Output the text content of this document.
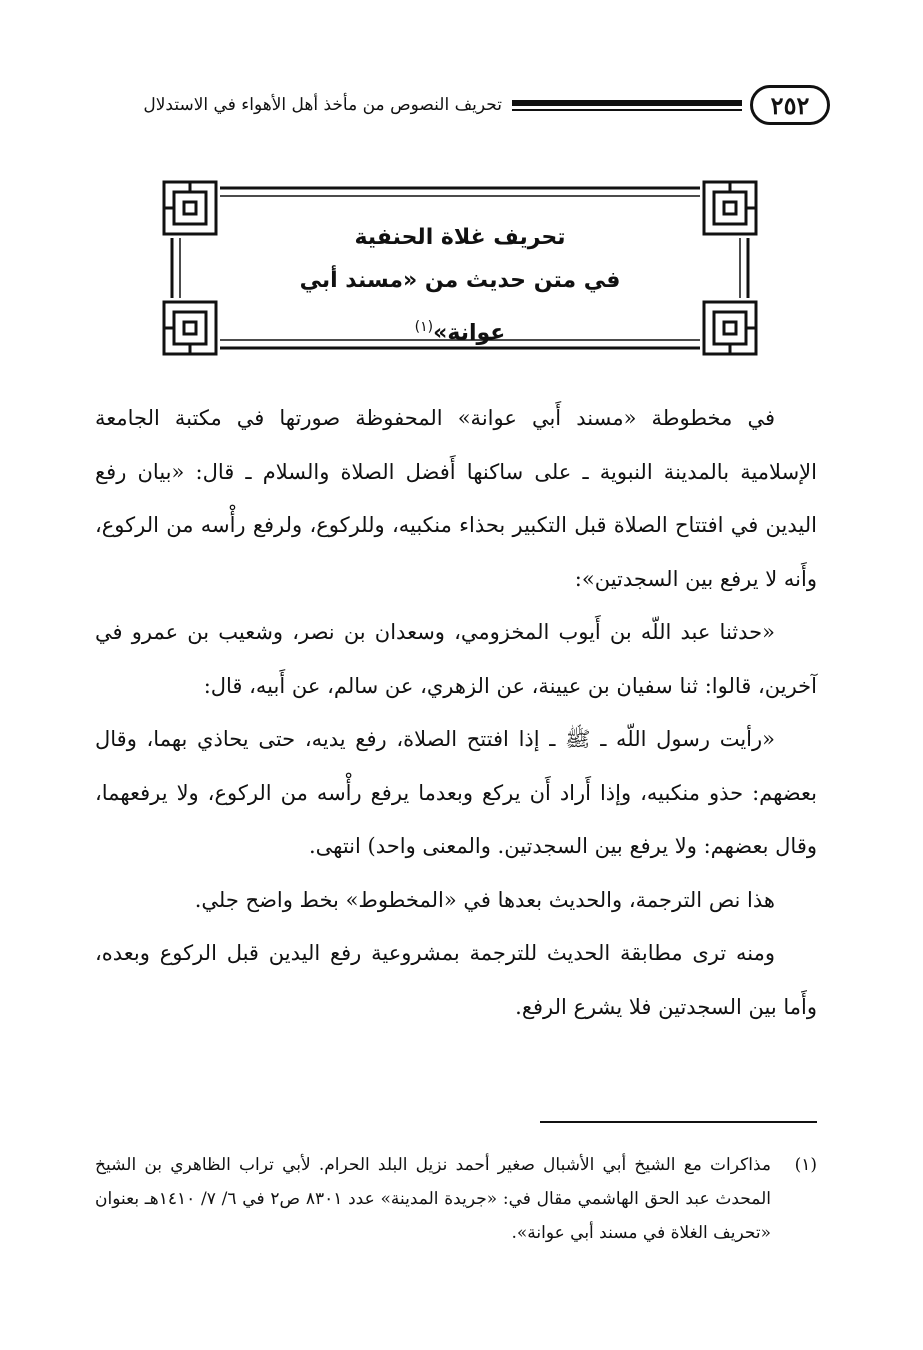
٢٥٢
تحريف النصوص من مأخذ أهل الأهواء في الاستدلال
تحريف غلاة الحنفية
في متن حديث من «مسند أبي عوانة»$^{(١)}$

في مخطوطة «مسند أَبي عوانة» المحفوظة صورتها في مكتبة الجامعة الإسلامية بالمدينة النبوية ـ على ساكنها أَفضل الصلاة والسلام ـ قال: «بيان رفع اليدين في افتتاح الصلاة قبل التكبير بحذاء منكبيه، وللركوع، ولرفع رأْسه من الركوع، وأَنه لا يرفع بين السجدتين»:

«حدثنا عبد اللّه بن أَيوب المخزومي، وسعدان بن نصر، وشعيب بن عمرو في آخرين، قالوا: ثنا سفيان بن عيينة، عن الزهري، عن سالم، عن أَبيه، قال:

«رأيت رسول اللّه ـ ﷺ ـ إذا افتتح الصلاة، رفع يديه، حتى يحاذي بهما، وقال بعضهم: حذو منكبيه، وإذا أَراد أَن يركع وبعدما يرفع رأْسه من الركوع، ولا يرفعهما، وقال بعضهم: ولا يرفع بين السجدتين. والمعنى واحد) انتهى.

هذا نص الترجمة، والحديث بعدها في «المخطوط» بخط واضح جلي.

ومنه ترى مطابقة الحديث للترجمة بمشروعية رفع اليدين قبل الركوع وبعده، وأَما بين السجدتين فلا يشرع الرفع.

(١)
مذاكرات مع الشيخ أبي الأشبال صغير أحمد نزيل البلد الحرام. لأبي تراب الظاهري بن الشيخ المحدث عبد الحق الهاشمي مقال في: «جريدة المدينة» عدد ٨٣٠١ ص٢ في ٦/ ٧/ ١٤١٠هـ بعنوان «تحريف الغلاة في مسند أبي عوانة».
